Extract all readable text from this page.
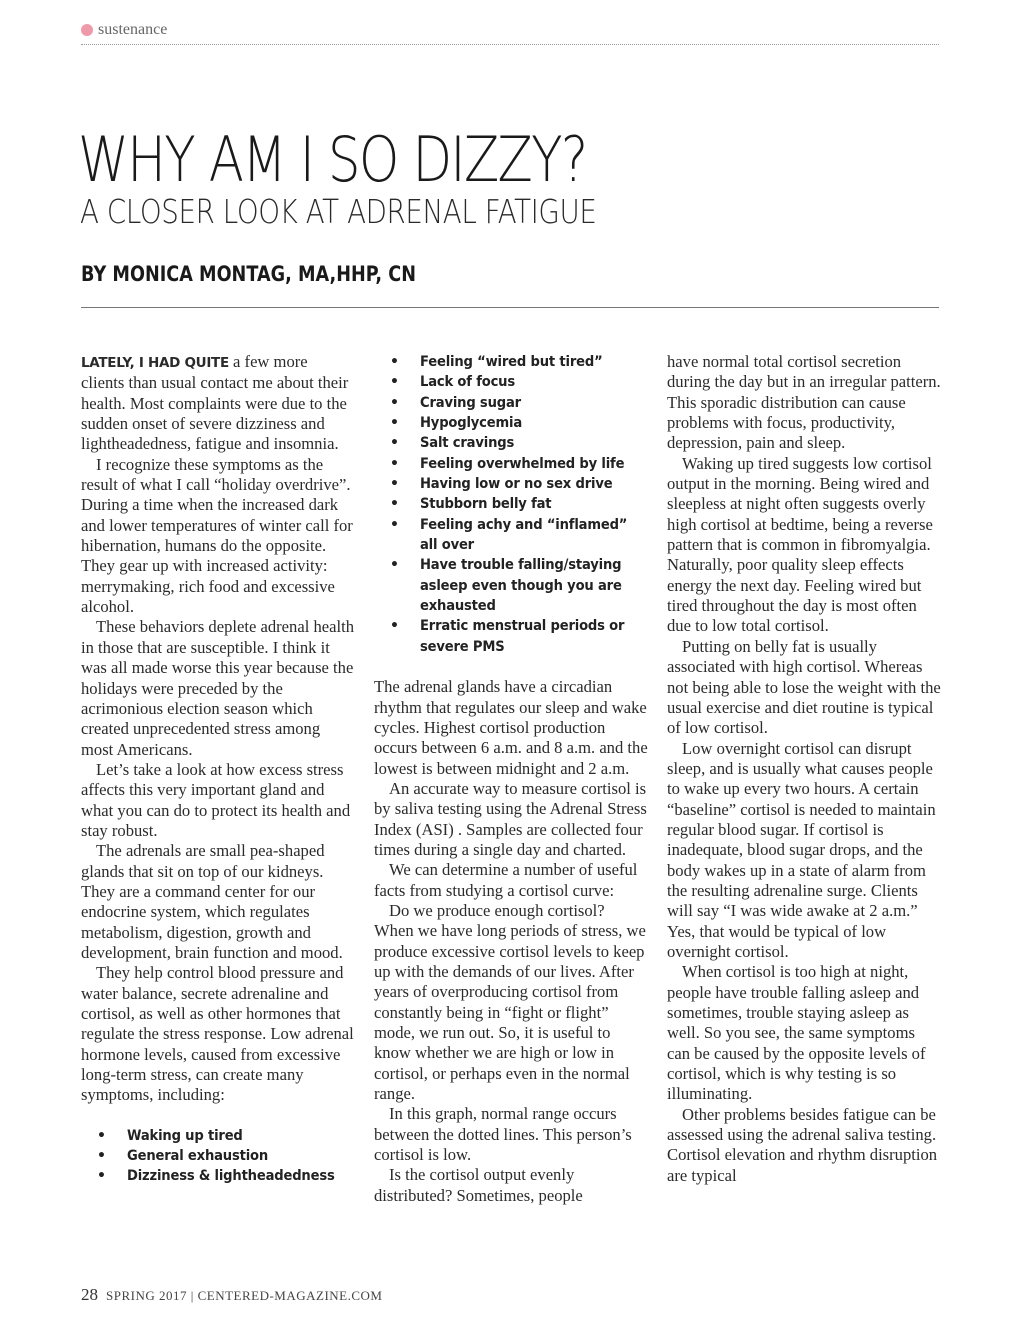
sustenance
WHY AM I SO DIZZY?
A CLOSER LOOK AT ADRENAL FATIGUE
BY MONICA MONTAG, MA,HHP, CN

LATELY, I HAD QUITE a few more clients than usual contact me about their health. Most complaints were due to the sudden onset of severe dizziness and lightheadedness, fatigue and insomnia.

I recognize these symptoms as the result of what I call “holiday overdrive”. During a time when the increased dark and lower temperatures of winter call for hibernation, humans do the opposite. They gear up with increased activity: merrymaking, rich food and excessive alcohol.

These behaviors deplete adrenal health in those that are susceptible. I think it was all made worse this year because the holidays were preceded by the acrimonious election season which created unprecedented stress among most Americans.

Let’s take a look at how excess stress affects this very important gland and what you can do to protect its health and stay robust.

The adrenals are small pea-shaped glands that sit on top of our kidneys. They are a command center for our endocrine system, which regulates metabolism, digestion, growth and development, brain function and mood.

They help control blood pressure and water balance, secrete adrenaline and cortisol, as well as other hormones that regulate the stress response. Low adrenal hormone levels, caused from excessive long-term stress, can create many symptoms, including:

• Waking up tired
• General exhaustion
• Dizziness & lightheadedness
• Feeling “wired but tired”
• Lack of focus
• Craving sugar
• Hypoglycemia
• Salt cravings
• Feeling overwhelmed by life
• Having low or no sex drive
• Stubborn belly fat
• Feeling achy and “inflamed” all over
• Have trouble falling/staying asleep even though you are exhausted
• Erratic menstrual periods or severe PMS

The adrenal glands have a circadian rhythm that regulates our sleep and wake cycles. Highest cortisol production occurs between 6 a.m. and 8 a.m. and the lowest is between midnight and 2 a.m.

An accurate way to measure cortisol is by saliva testing using the Adrenal Stress Index (ASI) . Samples are collected four times during a single day and charted.

We can determine a number of useful facts from studying a cortisol curve:

Do we produce enough cortisol? When we have long periods of stress, we produce excessive cortisol levels to keep up with the demands of our lives. After years of overproducing cortisol from constantly being in “fight or flight” mode, we run out. So, it is useful to know whether we are high or low in cortisol, or perhaps even in the normal range.

In this graph, normal range occurs between the dotted lines. This person’s cortisol is low.

Is the cortisol output evenly distributed? Sometimes, people

have normal total cortisol secretion during the day but in an irregular pattern. This sporadic distribution can cause problems with focus, productivity, depression, pain and sleep.

Waking up tired suggests low cortisol output in the morning. Being wired and sleepless at night often suggests overly high cortisol at bedtime, being a reverse pattern that is common in fibromyalgia. Naturally, poor quality sleep effects energy the next day. Feeling wired but tired throughout the day is most often due to low total cortisol.

Putting on belly fat is usually associated with high cortisol. Whereas not being able to lose the weight with the usual exercise and diet routine is typical of low cortisol.

Low overnight cortisol can disrupt sleep, and is usually what causes people to wake up every two hours. A certain “baseline” cortisol is needed to maintain regular blood sugar. If cortisol is inadequate, blood sugar drops, and the body wakes up in a state of alarm from the resulting adrenaline surge. Clients will say “I was wide awake at 2 a.m.” Yes, that would be typical of low overnight cortisol.

When cortisol is too high at night, people have trouble falling asleep and sometimes, trouble staying asleep as well. So you see, the same symptoms can be caused by the opposite levels of cortisol, which is why testing is so illuminating.

Other problems besides fatigue can be assessed using the adrenal saliva testing. Cortisol elevation and rhythm disruption are typical

28 SPRING 2017 | CENTERED-MAGAZINE.COM
